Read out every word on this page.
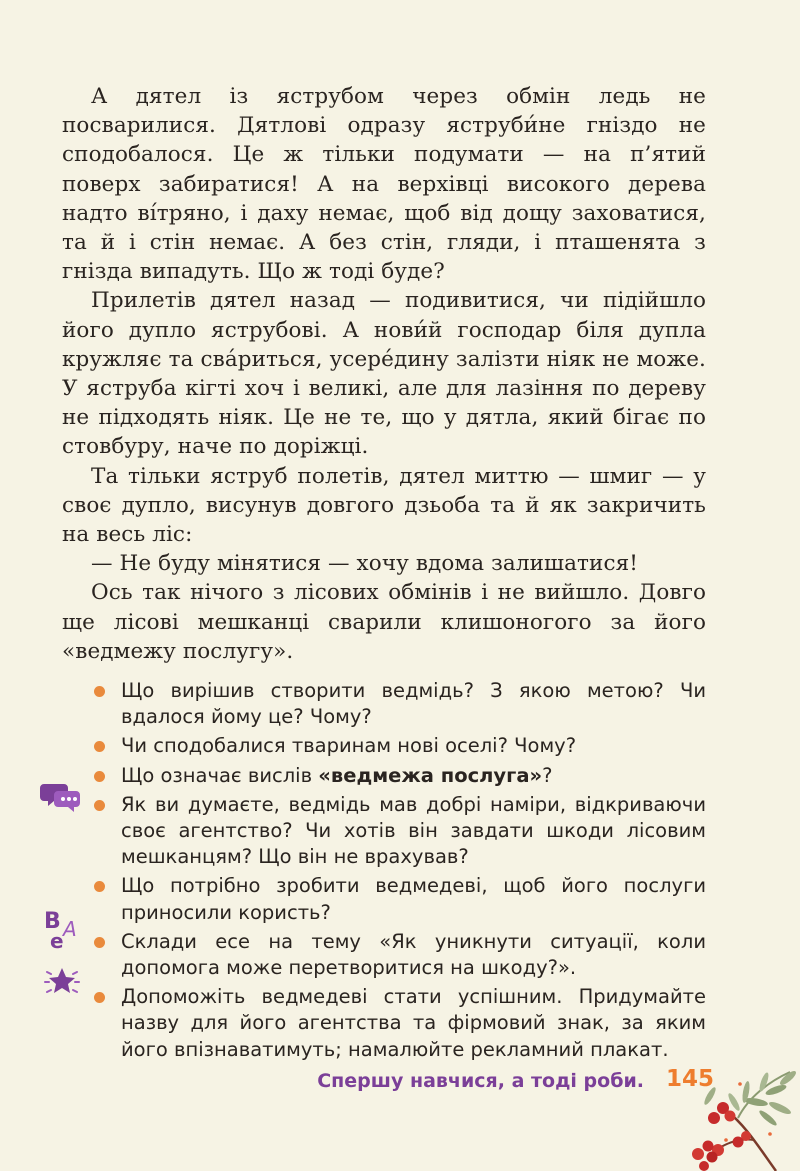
А дятел із яструбом через обмін ледь не посварилися. Дятлові одразу яструби́не гніздо не сподобалося. Це ж тільки подумати — на п’ятий поверх забиратися! А на верхівці високого дерева надто ві́трянo, і даху немає, щоб від дощу заховатися, та й і стін немає. А без стін, гляди, і пташенята з гнізда випадуть. Що ж тоді буде?

Прилетів дятел назад — подивитися, чи підійшло його дупло яструбові. А нови́й господар біля дупла кружляє та сва́риться, усере́дину залізти ніяк не може. У яструба кігті хоч і великі, але для лазіння по дереву не підходять ніяк. Це не те, що у дятла, який бігає по стовбуру, наче по доріжці.

Та тільки яструб полетів, дятел миттю — шмиг — у своє дупло, висунув довгого дзьоба та й як закричить на весь ліс:

— Не буду мінятися — хочу вдома залишатися!

Ось так нічого з лісових обмінів і не вийшло. Довго ще лісові мешканці сварили клишоногого за його «ведмежу послугу».

Що вирішив створити ведмідь? З якою метою? Чи вдалося йому це? Чому?
Чи сподобалися тваринам нові оселі? Чому?
Що означає вислів «ведмежа послуга»?
Як ви думаєте, ведмідь мав добрі наміри, відкриваючи своє агентство? Чи хотів він завдати шкоди лісовим мешканцям? Що він не врахував?
Що потрібно зробити ведмедеві, щоб його послуги приносили користь?
Склади есе на тему «Як уникнути ситуації, коли допомога може перетворитися на шкоду?».
Допоможіть ведмедеві стати успішним. Придумайте назву для його агентства та фірмовий знак, за яким його впізнаватимуть; намалюйте рекламний плакат.
В А
е
Спершу навчися, а тоді роби. 145
